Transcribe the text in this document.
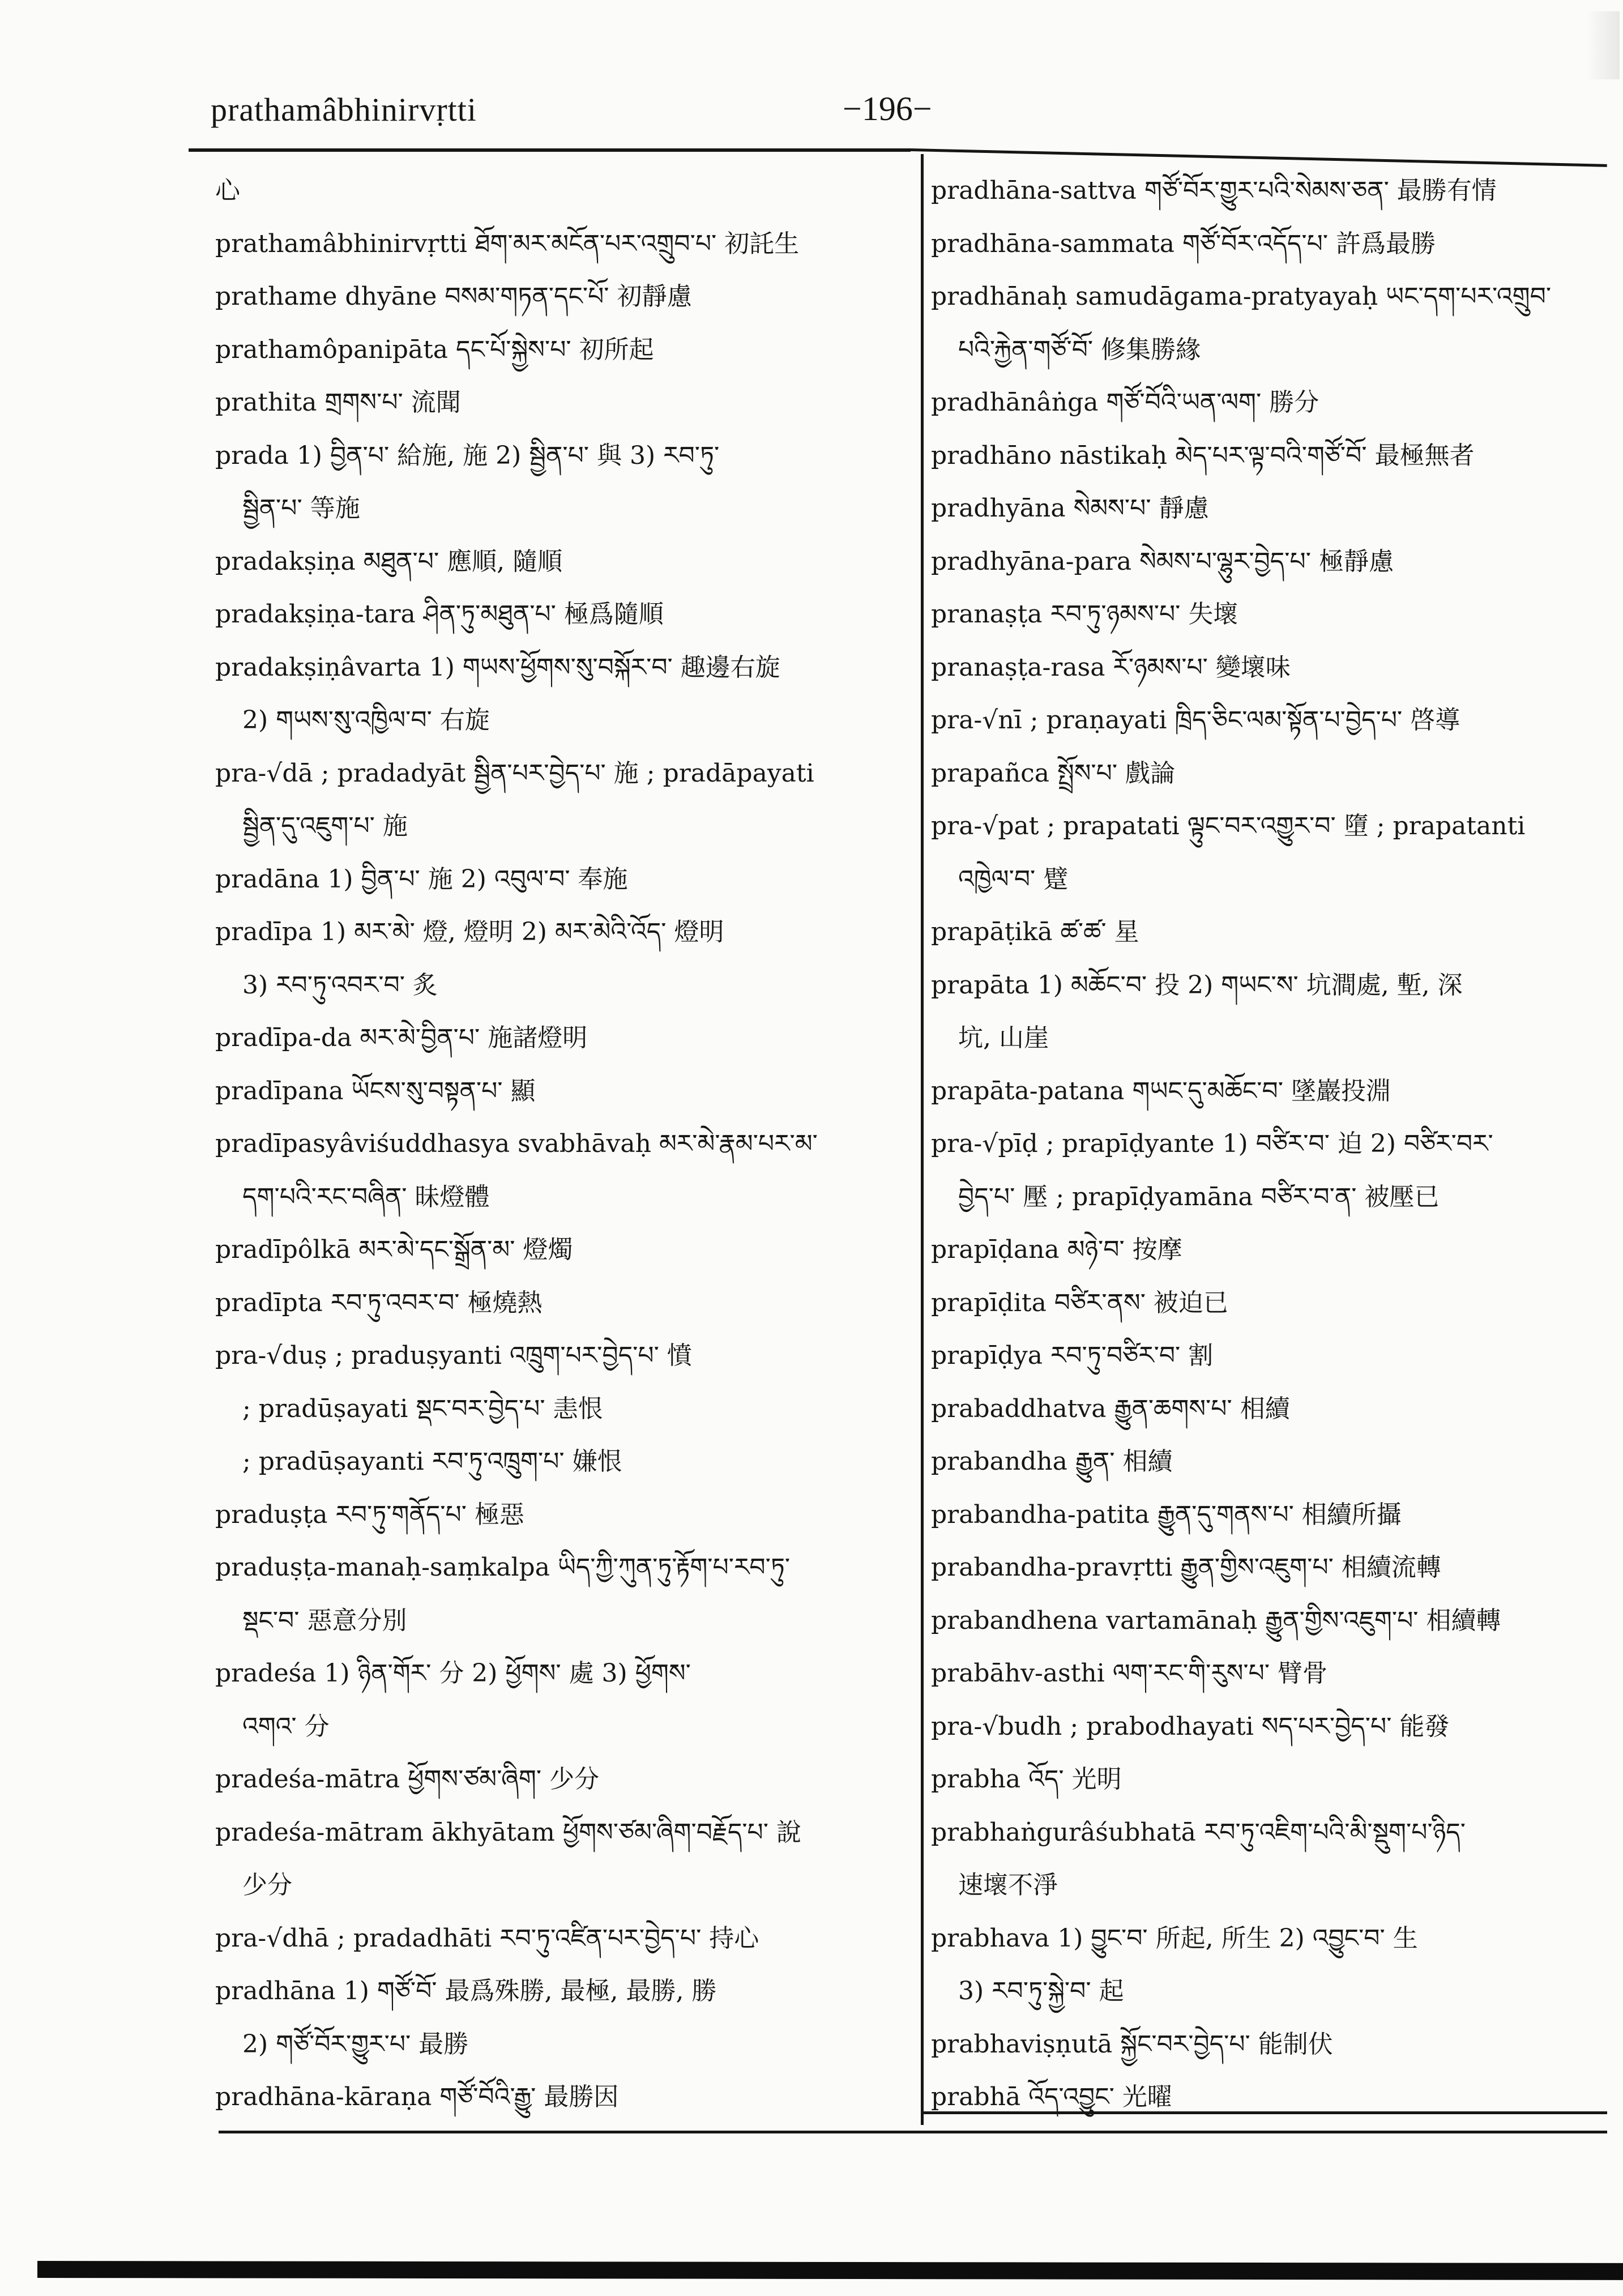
prathamâbhinirvṛtti	−196−
心
prathamâbhinirvṛtti ཐོག་མར་མངོན་པར་འགྲུབ་པ་ 初託生
prathame dhyāne བསམ་གཏན་དང་པོ་ 初靜慮
prathamôpanipāta དང་པོ་སྐྱེས་པ་ 初所起
prathita གྲགས་པ་ 流聞
prada 1) བྱིན་པ་ 給施, 施 2) སྦྱིན་པ་ 與 3) རབ་ཏུ་
སྦྱིན་པ་ 等施
pradakṣiṇa མཐུན་པ་ 應順, 隨順
pradakṣiṇa-tara ཤིན་ཏུ་མཐུན་པ་ 極爲隨順
pradakṣiṇâvarta 1) གཡས་ཕྱོགས་སུ་བསྐོར་བ་ 趣邊右旋
2) གཡས་སུ་འཁྱིལ་བ་ 右旋
pra-√dā ; pradadyāt སྦྱིན་པར་བྱེད་པ་ 施 ; pradāpayati
སྦྱིན་དུ་འཇུག་པ་ 施
pradāna 1) བྱིན་པ་ 施 2) འབུལ་བ་ 奉施
pradīpa 1) མར་མེ་ 燈, 燈明 2) མར་མེའི་འོད་ 燈明
3) རབ་ཏུ་འབར་བ་ 炙
pradīpa-da མར་མེ་བྱིན་པ་ 施諸燈明
pradīpana ཡོངས་སུ་བསྟན་པ་ 顯
pradīpasyâviśuddhasya svabhāvaḥ མར་མེ་རྣམ་པར་མ་
དག་པའི་རང་བཞིན་ 昧燈體
pradīpôlkā མར་མེ་དང་སྒྲོན་མ་ 燈燭
pradīpta རབ་ཏུ་འབར་བ་ 極燒熱
pra-√duṣ ; praduṣyanti འཁྲུག་པར་བྱེད་པ་ 憤
; pradūṣayati སྡང་བར་བྱེད་པ་ 恚恨
; pradūṣayanti རབ་ཏུ་འཁྲུག་པ་ 嫌恨
praduṣṭa རབ་ཏུ་གནོད་པ་ 極惡
praduṣṭa-manaḥ-saṃkalpa ཡིད་ཀྱི་ཀུན་ཏུ་རྟོག་པ་རབ་ཏུ་
སྡང་བ་ 惡意分別
pradeśa 1) ཉིན་གོར་ 分 2) ཕྱོགས་ 處 3) ཕྱོགས་
འགའ་ 分
pradeśa-mātra ཕྱོགས་ཙམ་ཞིག་ 少分
pradeśa-mātram ākhyātam ཕྱོགས་ཙམ་ཞིག་བརྗོད་པ་ 說
少分
pra-√dhā ; pradadhāti རབ་ཏུ་འཛིན་པར་བྱེད་པ་ 持心
pradhāna 1) གཙོ་བོ་ 最爲殊勝, 最極, 最勝, 勝
2) གཙོ་བོར་གྱུར་པ་ 最勝
pradhāna-kāraṇa གཙོ་བོའི་རྒྱུ་ 最勝因
pradhāna-sattva གཙོ་བོར་གྱུར་པའི་སེམས་ཅན་ 最勝有情
pradhāna-sammata གཙོ་བོར་འདོད་པ་ 許爲最勝
pradhānaḥ samudāgama-pratyayaḥ ཡང་དག་པར་འགྲུབ་
པའི་རྐྱེན་གཙོ་བོ་ 修集勝緣
pradhānâṅga གཙོ་བོའི་ཡན་ལག་ 勝分
pradhāno nāstikaḥ མེད་པར་ལྟ་བའི་གཙོ་བོ་ 最極無者
pradhyāna སེམས་པ་ 靜慮
pradhyāna-para སེམས་པ་ལྷུར་བྱེད་པ་ 極靜慮
pranaṣṭa རབ་ཏུ་ཉམས་པ་ 失壞
pranaṣṭa-rasa རོ་ཉམས་པ་ 變壞味
pra-√nī ; praṇayati ཁྲིད་ཅིང་ལམ་སྟོན་པ་བྱེད་པ་ 啓導
prapañca སྤྲོས་པ་ 戲論
pra-√pat ; prapatati ལྟུང་བར་འགྱུར་བ་ 墮 ; prapatanti
འཁྱེལ་བ་ 躄
prapāṭikā ཚ་ཚ་ 星
prapāta 1) མཆོང་བ་ 投 2) གཡང་ས་ 坑澗處, 塹, 深
坑, 山崖
prapāta-patana གཡང་དུ་མཆོང་བ་ 墜巖投淵
pra-√pīḍ ; prapīḍyante 1) བཙིར་བ་ 迫 2) བཙིར་བར་
བྱེད་པ་ 壓 ; prapīḍyamāna བཙིར་བ་ན་ 被壓已
prapīḍana མཉེ་བ་ 按摩
prapīḍita བཙིར་ནས་ 被迫已
prapīḍya རབ་ཏུ་བཙིར་བ་ 割
prabaddhatva རྒྱུན་ཆགས་པ་ 相續
prabandha རྒྱུན་ 相續
prabandha-patita རྒྱུན་དུ་གནས་པ་ 相續所攝
prabandha-pravṛtti རྒྱུན་གྱིས་འཇུག་པ་ 相續流轉
prabandhena vartamānaḥ རྒྱུན་གྱིས་འཇུག་པ་ 相續轉
prabāhv-asthi ལག་རང་གི་རུས་པ་ 臂骨
pra-√budh ; prabodhayati སད་པར་བྱེད་པ་ 能發
prabha འོད་ 光明
prabhaṅgurâśubhatā རབ་ཏུ་འཇིག་པའི་མི་སྡུག་པ་ཉིད་
速壞不淨
prabhava 1) བྱུང་བ་ 所起, 所生 2) འབྱུང་བ་ 生
3) རབ་ཏུ་སྐྱེ་བ་ 起
prabhaviṣṇutā སྐྱོང་བར་བྱེད་པ་ 能制伏
prabhā འོད་འབྱུང་ 光曜
